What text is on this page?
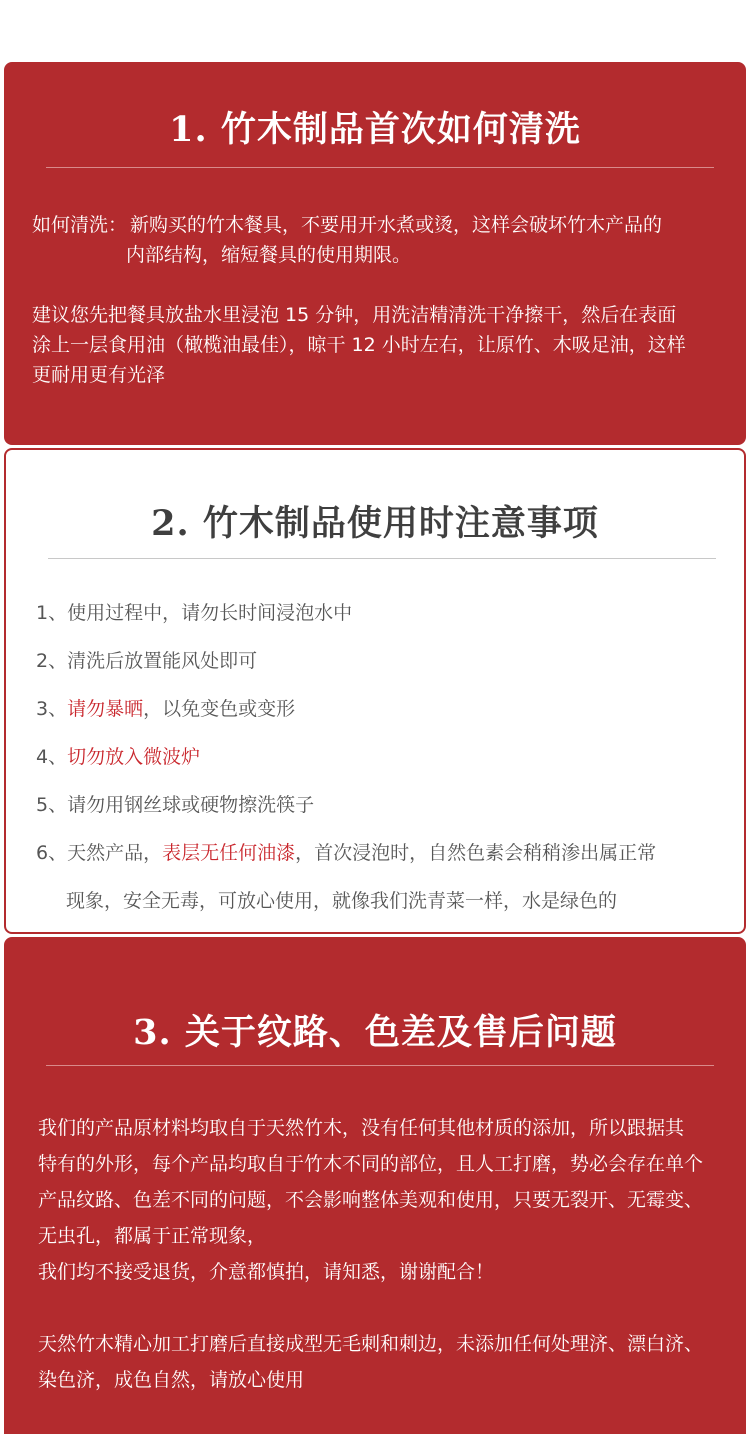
1. 竹木制品首次如何清洗
如何清洗： 新购买的竹木餐具，不要用开水煮或烫，这样会破坏竹木产品的
内部结构，缩短餐具的使用期限。
建议您先把餐具放盐水里浸泡 15 分钟，用洗洁精清洗干净擦干，然后在表面
涂上一层食用油（橄榄油最佳），晾干 12 小时左右，让原竹、木吸足油，这样
更耐用更有光泽
2. 竹木制品使用时注意事项
1、使用过程中，请勿长时间浸泡水中
2、清洗后放置能风处即可
3、请勿暴晒，以免变色或变形
4、切勿放入微波炉
5、请勿用钢丝球或硬物擦洗筷子
6、天然产品，表层无任何油漆，首次浸泡时，自然色素会稍稍渗出属正常
现象，安全无毒，可放心使用，就像我们洗青菜一样，水是绿色的
3. 关于纹路、色差及售后问题
我们的产品原材料均取自于天然竹木，没有任何其他材质的添加，所以跟据其
特有的外形，每个产品均取自于竹木不同的部位，且人工打磨，势必会存在单个
产品纹路、色差不同的问题，不会影响整体美观和使用，只要无裂开、无霉变、
无虫孔，都属于正常现象，
我们均不接受退货，介意都慎拍，请知悉，谢谢配合！
天然竹木精心加工打磨后直接成型无毛刺和刺边，未添加任何处理济、漂白济、
染色济，成色自然，请放心使用
